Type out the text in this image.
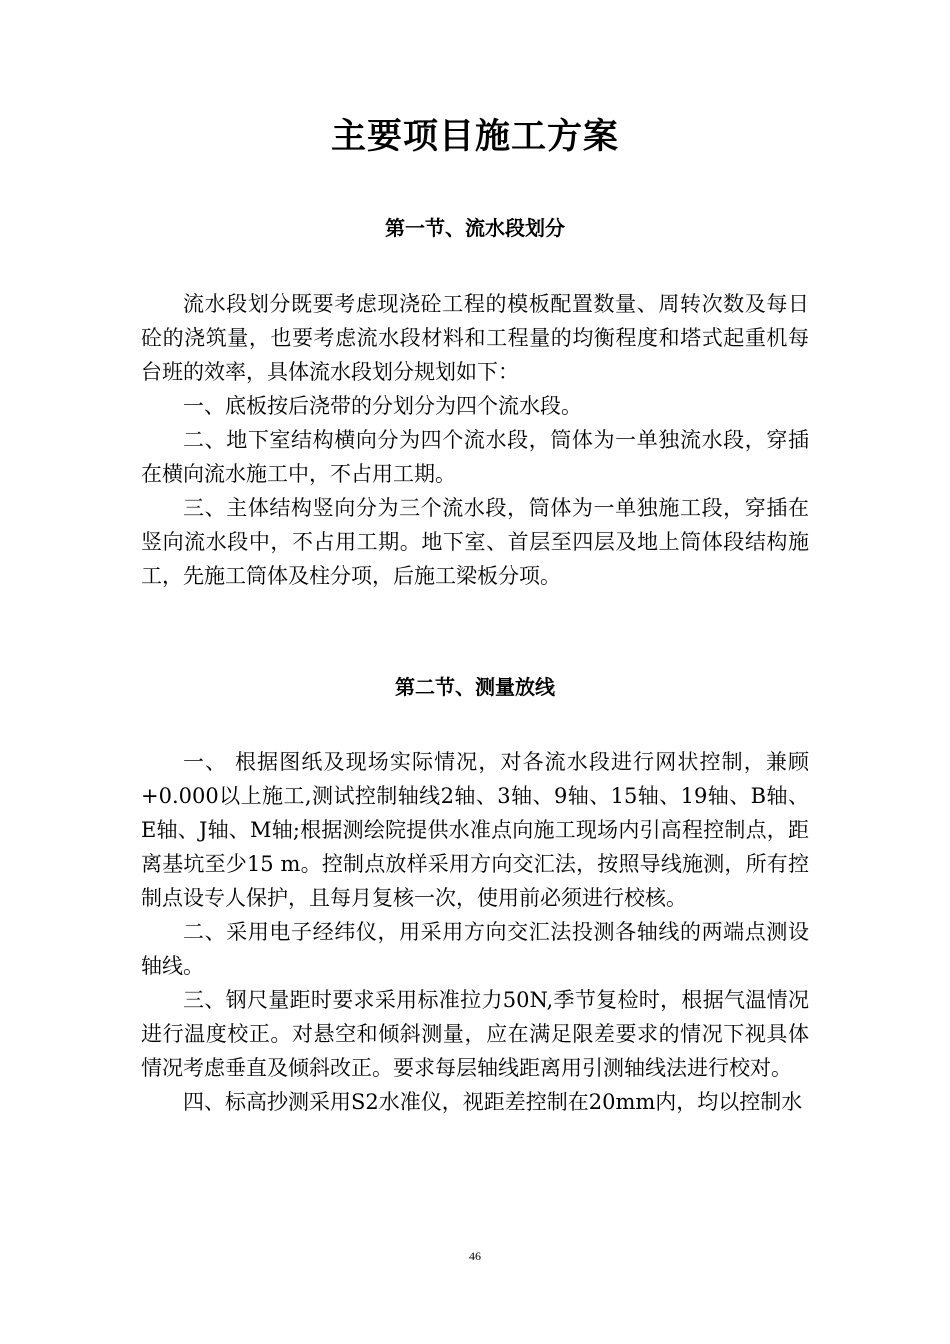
主要项目施工方案
第一节、流水段划分

流水段划分既要考虑现浇砼工程的模板配置数量、周转次数及每日砼的浇筑量，也要考虑流水段材料和工程量的均衡程度和塔式起重机每台班的效率，具体流水段划分规划如下：

一、底板按后浇带的分划分为四个流水段。

二、地下室结构横向分为四个流水段，筒体为一单独流水段，穿插在横向流水施工中，不占用工期。

三、主体结构竖向分为三个流水段，筒体为一单独施工段，穿插在竖向流水段中，不占用工期。地下室、首层至四层及地上筒体段结构施工，先施工筒体及柱分项，后施工梁板分项。

第二节、测量放线

一、 根据图纸及现场实际情况，对各流水段进行网状控制，兼顾+0.000以上施工,测试控制轴线2轴、3轴、9轴、15轴、19轴、B轴、E轴、J轴、M轴;根据测绘院提供水准点向施工现场内引高程控制点，距离基坑至少15 m。控制点放样采用方向交汇法，按照导线施测，所有控制点设专人保护，且每月复核一次，使用前必须进行校核。

二、采用电子经纬仪，用采用方向交汇法投测各轴线的两端点测设轴线。

三、钢尺量距时要求采用标准拉力50N,季节复检时，根据气温情况进行温度校正。对悬空和倾斜测量，应在满足限差要求的情况下视具体情况考虑垂直及倾斜改正。要求每层轴线距离用引测轴线法进行校对。

四、标高抄测采用S2水准仪，视距差控制在20mm内，均以控制水

46
